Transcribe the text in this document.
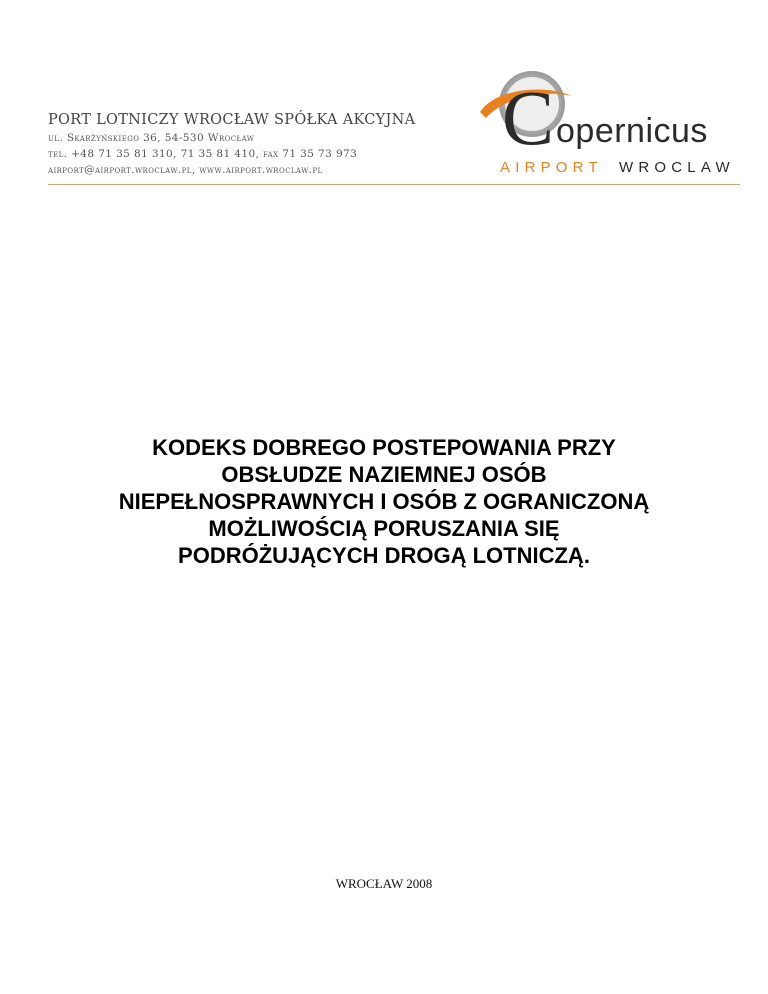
PORT LOTNICZY WROCŁAW SPÓŁKA AKCYJNA
ul. Skarżyńskiego 36, 54-530 Wrocław
tel. +48 71 35 81 310, 71 35 81 410, fax 71 35 73 973
airport@airport.wroclaw.pl, www.airport.wroclaw.pl
C opernicus
AIRPORT WROCLAW
KODEKS DOBREGO POSTEPOWANIA PRZY
OBSŁUDZE NAZIEMNEJ OSÓB
NIEPEŁNOSPRAWNYCH I OSÓB Z OGRANICZONĄ
MOŻLIWOŚCIĄ PORUSZANIA SIĘ
PODRÓŻUJĄCYCH DROGĄ LOTNICZĄ.
WROCŁAW 2008
